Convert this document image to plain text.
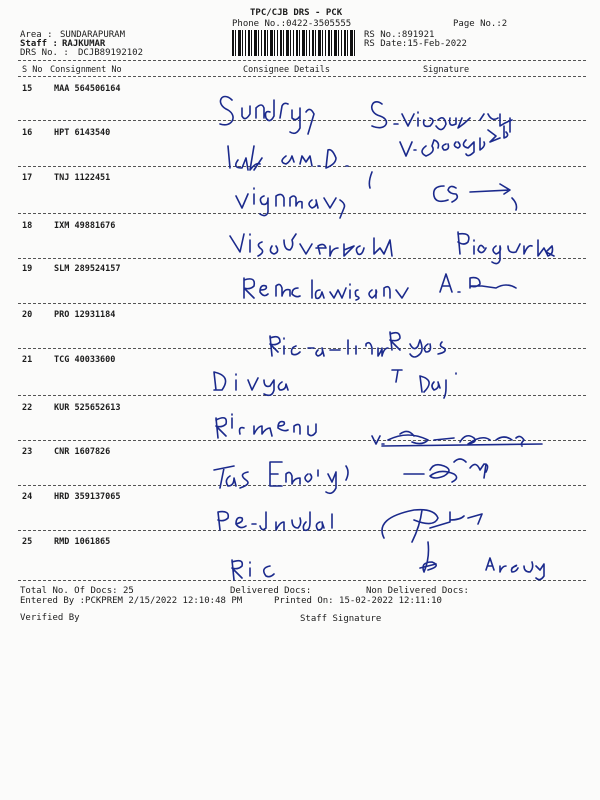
TPC/CJB DRS - PCK
Phone No.:0422-3505555	Page No.:2
Area : SUNDARAPURAM
Staff : RAJKUMAR
DRS No. : DCJB89192102
RS No.:891921
RS Date:15-Feb-2022
S No Consignment No	Consignee Details	Signature
15	MAA 564506164
16	HPT 6143540
17	TNJ 1122451
18	IXM 49881676
19	SLM 289524157
20	PRO 12931184
21	TCG 40033600
22	KUR 525652613
23	CNR 1607826
24	HRD 359137065
25	RMD 1061865
Total No. Of Docs: 25	Delivered Docs:	Non Delivered Docs:
Entered By :PCKPREM 2/15/2022 12:10:48 PM	Printed On: 15-02-2022 12:11:10
Verified By	Staff Signature
